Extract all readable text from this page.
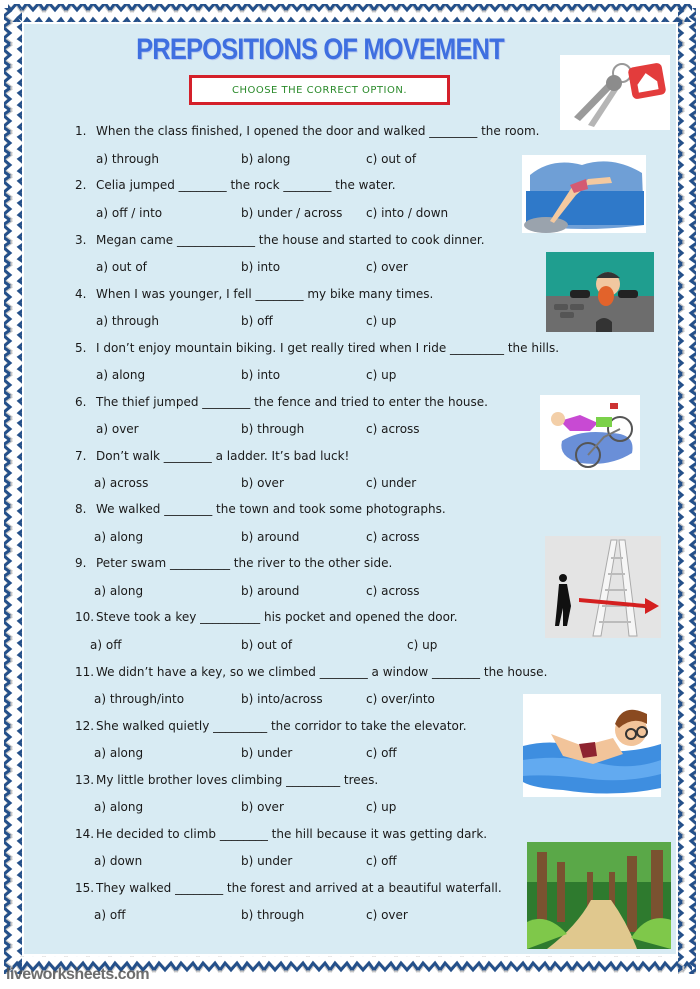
PREPOSITIONS OF MOVEMENT
CHOOSE THE CORRECT OPTION.
1. When the class finished, I opened the door and walked ________ the room.
a) through	b) along	c) out of
2. Celia jumped ________ the rock ________ the water.
a) off / into	b) under / across c) into / down
3. Megan came _____________ the house and started to cook dinner.
a) out of	b) into	c) over
4. When I was younger, I fell ________ my bike many times.
a) through	b) off	c) up
5. I don’t enjoy mountain biking. I get really tired when I ride _________ the hills.
a) along	b) into	c) up
6. The thief jumped ________ the fence and tried to enter the house.
a) over	b) through	c) across
7. Don’t walk ________ a ladder. It’s bad luck!
a) across	b) over	c) under
8. We walked ________ the town and took some photographs.
a) along	b) around	c) across
9. Peter swam __________ the river to the other side.
a) along	b) around	c) across
10. Steve took a key __________ his pocket and opened the door.
a) off	b) out of	c) up
11. We didn’t have a key, so we climbed ________ a window ________ the house.
a) through/into	b) into/across	c) over/into
12. She walked quietly _________ the corridor to take the elevator.
a) along	b) under	c) off
13. My little brother loves climbing _________ trees.
a) along	b) over	c) up
14. He decided to climb ________ the hill because it was getting dark.
a) down	b) under	c) off
15. They walked ________ the forest and arrived at a beautiful waterfall.
a) off	b) through	c) over
liveworksheets.com
